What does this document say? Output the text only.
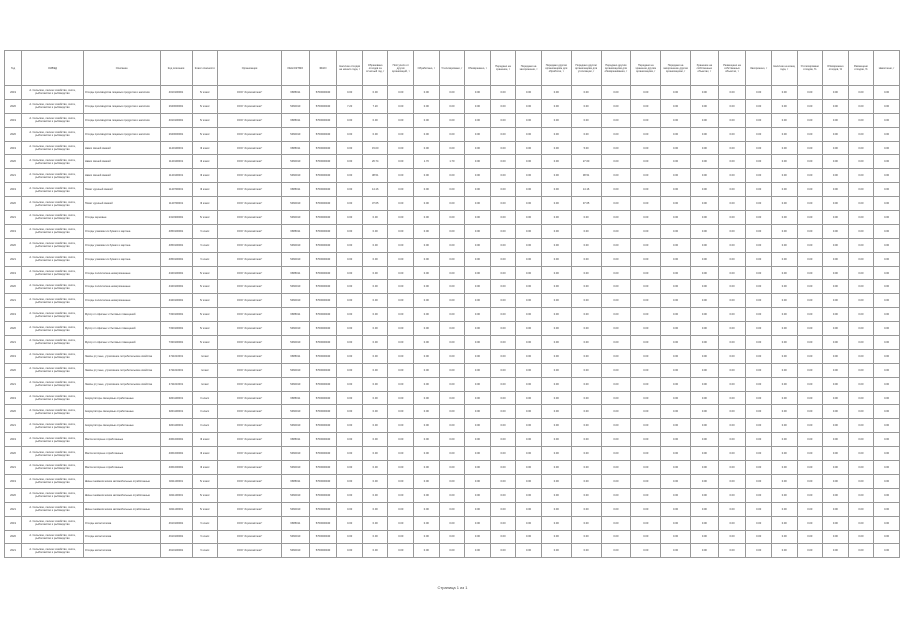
Год	ОКВЭД	Описание	Код описания	Класс опасности	Организация	ИНН/ОКТМО	ФККО	Наличие отходов на начало года, т	Образовано отходов за отчетный год, т	Поступило от других организаций, т	Обработано, т	Утилизировано, т	Обезврежено, т	Передано на хранение, т	Передано на захоронение, т	Передано другим организациям для обработки, т	Передано другим организациям для утилизации, т	Передано другим организациям для обезвреживания, т	Передано на хранение другим организациям, т	Передано на захоронение другим организациям, т	Хранение на собственных объектах, т	Размещено на собственных объектах, т	Захоронено, т	Наличие на конец года, т	Утилизировано отходов, %	Обезврежено отходов, %	Размещено отходов, %	Накоплено, т
2019	А. Сельское, лесное хозяйство, охота, рыболовство и рыбоводство	Отходы производства пищевых продуктов и напитков	4010100001	IV класс	ООО "Агрокомплекс"	6685011	5700000040	0.00	0.00	0.00	0.00	0.00	0.00	0.00	0.00	0.00	0.00	0.00	0.00	0.00	0.00	0.00	0.00	0.00	0.00	0.00	0.00	0.00
2020	А. Сельское, лесное хозяйство, охота, рыболовство и рыбоводство	Отходы производства пищевых продуктов и напитков	2640000001	IV класс	ООО "Агрокомплекс"	5460010	5700000040	7.20	7.20	0.00	0.00	0.00	0.00	0.00	0.00	0.00	0.00	0.00	0.00	0.00	0.00	0.00	0.00	0.00	0.00	0.00	0.00	0.00
2019	А. Сельское, лесное хозяйство, охота, рыболовство и рыбоводство	Отходы производства пищевых продуктов и напитков	4010100001	IV класс	ООО "Агрокомплекс"	6685011	5700000040	0.00	0.00	0.00	0.00	0.00	0.00	0.00	0.00	0.00	0.00	0.00	0.00	0.00	0.00	0.00	0.00	0.00	0.00	0.00	0.00	0.00
2020	А. Сельское, лесное хозяйство, охота, рыболовство и рыбоводство	Отходы производства пищевых продуктов и напитков	2640000001	IV класс	ООО "Агрокомплекс"	5460010	5700000040	0.00	0.00	0.00	0.00	0.00	0.00	0.00	0.00	0.00	0.00	0.00	0.00	0.00	0.00	0.00	0.00	0.00	0.00	0.00	0.00	0.00
2019	А. Сельское, лесное хозяйство, охота, рыболовство и рыбоводство	Навоз свиней свежий	1120100001	III класс	ООО "Агрокомплекс"	6685011	5700000040	0.00	15.00	0.00	0.00	0.00	0.00	0.00	0.00	0.00	5.00	0.00	0.00	0.00	0.00	0.00	0.00	0.00	0.00	0.00	0.00	0.00
2020	А. Сельское, лесное хозяйство, охота, рыболовство и рыбоводство	Навоз свиней свежий	1120100001	III класс	ООО "Агрокомплекс"	5460010	5700000040	0.00	26.74	0.00	1.70	1.70	0.00	0.00	0.00	0.00	27.60	0.00	0.00	0.00	0.00	0.00	0.00	0.00	0.00	0.00	0.00	0.00
2021	А. Сельское, лесное хозяйство, охота, рыболовство и рыбоводство	Навоз свиней свежий	1120100001	III класс	ООО "Агрокомплекс"	5460010	5700000040	0.00	38.51	0.00	0.00	0.00	0.00	0.00	0.00	0.00	38.51	0.00	0.00	0.00	0.00	0.00	0.00	0.00	0.00	0.00	0.00	0.00
2019	А. Сельское, лесное хозяйство, охота, рыболовство и рыбоводство	Помет куриный свежий	1120700001	III класс	ООО "Агрокомплекс"	6685011	5700000040	0.00	14.16	0.00	0.00	0.00	0.00	0.00	0.00	0.00	14.16	0.00	0.00	0.00	0.00	0.00	0.00	0.00	0.00	0.00	0.00	0.00
2020	А. Сельское, лесное хозяйство, охота, рыболовство и рыбоводство	Помет куриный свежий	1120700001	III класс	ООО "Агрокомплекс"	5460010	5700000040	0.00	37.65	0.00	0.00	0.00	0.00	0.00	0.00	0.00	37.65	0.00	0.00	0.00	0.00	0.00	0.00	0.00	0.00	0.00	0.00	0.00
2021	А. Сельское, лесное хозяйство, охота, рыболовство и рыбоводство	Отходы зерновые	2310300001	IV класс	ООО "Агрокомплекс"	5460010	5700000040	0.00	0.00	0.00	0.00	0.00	0.00	0.00	0.00	0.00	0.00	0.00	0.00	0.00	0.00	0.00	0.00	0.00	0.00	0.00	0.00	0.00
2019	А. Сельское, лесное хозяйство, охота, рыболовство и рыбоводство	Отходы упаковки из бумаги и картона	4050100001	V класс	ООО "Агрокомплекс"	6685011	5700000040	0.00	0.00	0.00	0.00	0.00	0.00	0.00	0.00	0.00	0.00	0.00	0.00	0.00	0.00	0.00	0.00	0.00	0.00	0.00	0.00	0.00
2020	А. Сельское, лесное хозяйство, охота, рыболовство и рыбоводство	Отходы упаковки из бумаги и картона	4050100001	V класс	ООО "Агрокомплекс"	5460010	5700000040	0.00	0.00	0.00	0.00	0.00	0.00	0.00	0.00	0.00	0.00	0.00	0.00	0.00	0.00	0.00	0.00	0.00	0.00	0.00	0.00	0.00
2021	А. Сельское, лесное хозяйство, охота, рыболовство и рыбоводство	Отходы упаковки из бумаги и картона	4050100001	V класс	ООО "Агрокомплекс"	5460010	5700000040	0.00	0.00	0.00	0.00	0.00	0.00	0.00	0.00	0.00	0.00	0.00	0.00	0.00	0.00	0.00	0.00	0.00	0.00	0.00	0.00	0.00
2019	А. Сельское, лесное хозяйство, охота, рыболовство и рыбоводство	Отходы полиэтилена незагрязненные	4340100001	IV класс	ООО "Агрокомплекс"	6685011	5700000040	0.00	0.00	0.00	0.00	0.00	0.00	0.00	0.00	0.00	0.00	0.00	0.00	0.00	0.00	0.00	0.00	0.00	0.00	0.00	0.00	0.00
2020	А. Сельское, лесное хозяйство, охота, рыболовство и рыбоводство	Отходы полиэтилена незагрязненные	4340100001	IV класс	ООО "Агрокомплекс"	5460010	5700000040	0.00	0.00	0.00	0.00	0.00	0.00	0.00	0.00	0.00	0.00	0.00	0.00	0.00	0.00	0.00	0.00	0.00	0.00	0.00	0.00	0.00
2021	А. Сельское, лесное хозяйство, охота, рыболовство и рыбоводство	Отходы полиэтилена незагрязненные	4340100001	IV класс	ООО "Агрокомплекс"	5460010	5700000040	0.00	0.00	0.00	0.00	0.00	0.00	0.00	0.00	0.00	0.00	0.00	0.00	0.00	0.00	0.00	0.00	0.00	0.00	0.00	0.00	0.00
2019	А. Сельское, лесное хозяйство, охота, рыболовство и рыбоводство	Мусор от офисных и бытовых помещений	7330100001	IV класс	ООО "Агрокомплекс"	6685011	5700000040	0.00	0.00	0.00	0.00	0.00	0.00	0.00	0.00	0.00	0.00	0.00	0.00	0.00	0.00	0.00	0.00	0.00	0.00	0.00	0.00	0.00
2020	А. Сельское, лесное хозяйство, охота, рыболовство и рыбоводство	Мусор от офисных и бытовых помещений	7330100001	IV класс	ООО "Агрокомплекс"	5460010	5700000040	0.00	0.00	0.00	0.00	0.00	0.00	0.00	0.00	0.00	0.00	0.00	0.00	0.00	0.00	0.00	0.00	0.00	0.00	0.00	0.00	0.00
2021	А. Сельское, лесное хозяйство, охота, рыболовство и рыбоводство	Мусор от офисных и бытовых помещений	7330100001	IV класс	ООО "Агрокомплекс"	5460010	5700000040	0.00	0.00	0.00	0.00	0.00	0.00	0.00	0.00	0.00	0.00	0.00	0.00	0.00	0.00	0.00	0.00	0.00	0.00	0.00	0.00	0.00
2019	А. Сельское, лесное хозяйство, охота, рыболовство и рыбоводство	Лампы ртутные, утратившие потребительские свойства	4711010001	I класс	ООО "Агрокомплекс"	6685011	5700000040	0.00	0.00	0.00	0.00	0.00	0.00	0.00	0.00	0.00	0.00	0.00	0.00	0.00	0.00	0.00	0.00	0.00	0.00	0.00	0.00	0.00
2020	А. Сельское, лесное хозяйство, охота, рыболовство и рыбоводство	Лампы ртутные, утратившие потребительские свойства	4711010001	I класс	ООО "Агрокомплекс"	5460010	5700000040	0.00	0.00	0.00	0.00	0.00	0.00	0.00	0.00	0.00	0.00	0.00	0.00	0.00	0.00	0.00	0.00	0.00	0.00	0.00	0.00	0.00
2021	А. Сельское, лесное хозяйство, охота, рыболовство и рыбоводство	Лампы ртутные, утратившие потребительские свойства	4711010001	I класс	ООО "Агрокомплекс"	5460010	5700000040	0.00	0.00	0.00	0.00	0.00	0.00	0.00	0.00	0.00	0.00	0.00	0.00	0.00	0.00	0.00	0.00	0.00	0.00	0.00	0.00	0.00
2019	А. Сельское, лесное хозяйство, охота, рыболовство и рыбоводство	Аккумуляторы свинцовые отработанные	9201100001	II класс	ООО "Агрокомплекс"	6685011	5700000040	0.00	0.00	0.00	0.00	0.00	0.00	0.00	0.00	0.00	0.00	0.00	0.00	0.00	0.00	0.00	0.00	0.00	0.00	0.00	0.00	0.00
2020	А. Сельское, лесное хозяйство, охота, рыболовство и рыбоводство	Аккумуляторы свинцовые отработанные	9201100001	II класс	ООО "Агрокомплекс"	5460010	5700000040	0.00	0.00	0.00	0.00	0.00	0.00	0.00	0.00	0.00	0.00	0.00	0.00	0.00	0.00	0.00	0.00	0.00	0.00	0.00	0.00	0.00
2021	А. Сельское, лесное хозяйство, охота, рыболовство и рыбоводство	Аккумуляторы свинцовые отработанные	9201100001	II класс	ООО "Агрокомплекс"	5460010	5700000040	0.00	0.00	0.00	0.00	0.00	0.00	0.00	0.00	0.00	0.00	0.00	0.00	0.00	0.00	0.00	0.00	0.00	0.00	0.00	0.00	0.00
2019	А. Сельское, лесное хозяйство, охота, рыболовство и рыбоводство	Масла моторные отработанные	4061000001	III класс	ООО "Агрокомплекс"	6685011	5700000040	0.00	0.00	0.00	0.00	0.00	0.00	0.00	0.00	0.00	0.00	0.00	0.00	0.00	0.00	0.00	0.00	0.00	0.00	0.00	0.00	0.00
2020	А. Сельское, лесное хозяйство, охота, рыболовство и рыбоводство	Масла моторные отработанные	4061000001	III класс	ООО "Агрокомплекс"	5460010	5700000040	0.00	0.00	0.00	0.00	0.00	0.00	0.00	0.00	0.00	0.00	0.00	0.00	0.00	0.00	0.00	0.00	0.00	0.00	0.00	0.00	0.00
2021	А. Сельское, лесное хозяйство, охота, рыболовство и рыбоводство	Масла моторные отработанные	4061000001	III класс	ООО "Агрокомплекс"	5460010	5700000040	0.00	0.00	0.00	0.00	0.00	0.00	0.00	0.00	0.00	0.00	0.00	0.00	0.00	0.00	0.00	0.00	0.00	0.00	0.00	0.00	0.00
2019	А. Сельское, лесное хозяйство, охота, рыболовство и рыбоводство	Шины пневматические автомобильные отработанные	9211100001	IV класс	ООО "Агрокомплекс"	6685011	5700000040	0.00	0.00	0.00	0.00	0.00	0.00	0.00	0.00	0.00	0.00	0.00	0.00	0.00	0.00	0.00	0.00	0.00	0.00	0.00	0.00	0.00
2020	А. Сельское, лесное хозяйство, охота, рыболовство и рыбоводство	Шины пневматические автомобильные отработанные	9211100001	IV класс	ООО "Агрокомплекс"	5460010	5700000040	0.00	0.00	0.00	0.00	0.00	0.00	0.00	0.00	0.00	0.00	0.00	0.00	0.00	0.00	0.00	0.00	0.00	0.00	0.00	0.00	0.00
2021	А. Сельское, лесное хозяйство, охота, рыболовство и рыбоводство	Шины пневматические автомобильные отработанные	9211100001	IV класс	ООО "Агрокомплекс"	5460010	5700000040	0.00	0.00	0.00	0.00	0.00	0.00	0.00	0.00	0.00	0.00	0.00	0.00	0.00	0.00	0.00	0.00	0.00	0.00	0.00	0.00	0.00
2019	А. Сельское, лесное хозяйство, охота, рыболовство и рыбоводство	Отходы металлолома	4610100001	V класс	ООО "Агрокомплекс"	6685011	5700000040	0.00	0.00	0.00	0.00	0.00	0.00	0.00	0.00	0.00	0.00	0.00	0.00	0.00	0.00	0.00	0.00	0.00	0.00	0.00	0.00	0.00
2020	А. Сельское, лесное хозяйство, охота, рыболовство и рыбоводство	Отходы металлолома	4610100001	V класс	ООО "Агрокомплекс"	5460010	5700000040	0.00	0.00	0.00	0.00	0.00	0.00	0.00	0.00	0.00	0.00	0.00	0.00	0.00	0.00	0.00	0.00	0.00	0.00	0.00	0.00	0.00
2021	А. Сельское, лесное хозяйство, охота, рыболовство и рыбоводство	Отходы металлолома	4610100001	V класс	ООО "Агрокомплекс"	5460010	5700000040	0.00	0.00	0.00	0.00	0.00	0.00	0.00	0.00	0.00	0.00	0.00	0.00	0.00	0.00	0.00	0.00	0.00	0.00	0.00	0.00	0.00
Страница 1 из 1
